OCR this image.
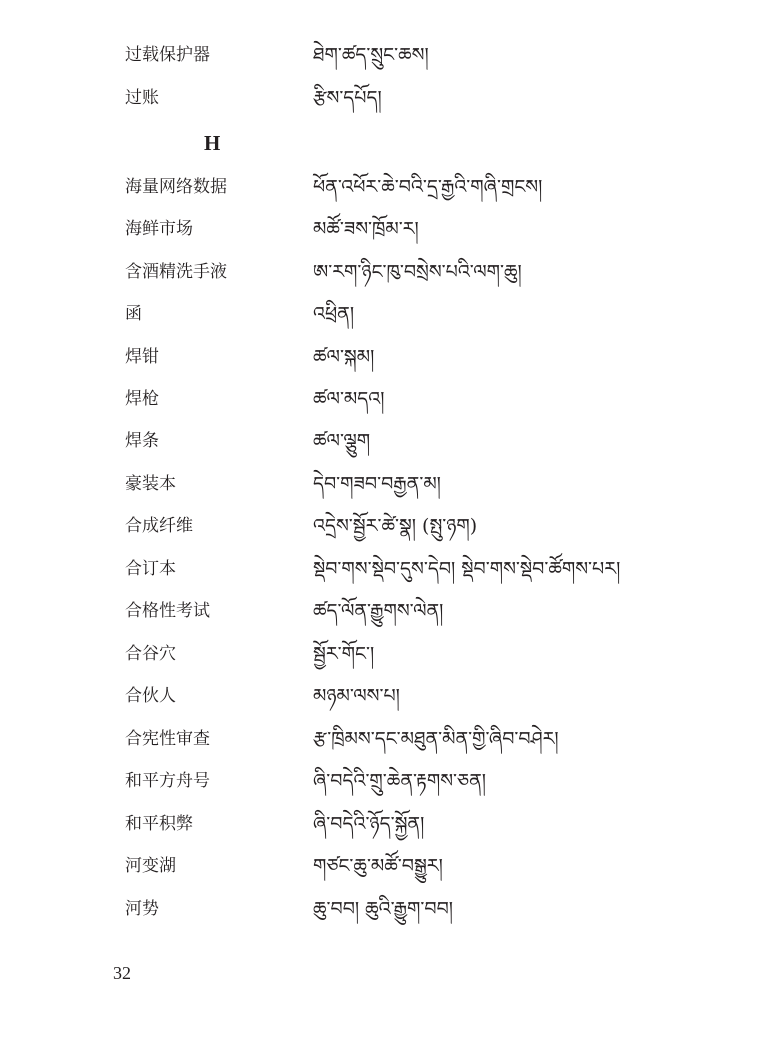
过载保护器	ཐེག་ཚད་སྲུང་ཆས།
过账	རྩིས་དཔོད།
H
海量网络数据	ཕོན་འཕོར་ཆེ་བའི་དྲ་རྒྱའི་གཞི་གྲངས།
海鲜市场	མཚོ་ཟས་ཁྲོམ་ར།
含酒精洗手液	ཨ་རག་ཉིང་ཁུ་བསྲེས་པའི་ལག་ཆུ།
函	འཕྲིན།
焊钳	ཚལ་སྐམ།
焊枪	ཚལ་མདའ།
焊条	ཚལ་ལྕུག
豪装本	དེབ་གཟབ་བརྒྱན་མ།
合成纤维	འདྲེས་སྦྱོར་ཚེ་སྣ། (སྤུ་ཉག)
合订本	སྡེབ་གས་སྡེབ་དུས་དེབ། སྡེབ་གས་སྡེབ་ཚོགས་པར།
合格性考试	ཚད་ལོན་རྒྱུགས་ལེན།
合谷穴	སྦྱོར་གོང་།
合伙人	མཉམ་ལས་པ།
合宪性审查	རྩ་ཁྲིམས་དང་མཐུན་མིན་གྱི་ཞིབ་བཤེར།
和平方舟号	ཞི་བདེའི་གྲུ་ཆེན་རྟགས་ཅན།
和平积弊	ཞི་བདེའི་ཉོད་སྐྱོན།
河变湖	གཙང་ཆུ་མཚོ་བསྒྱུར།
河势	ཆུ་བབ། ཆུའི་རྒྱུག་བབ།
32
